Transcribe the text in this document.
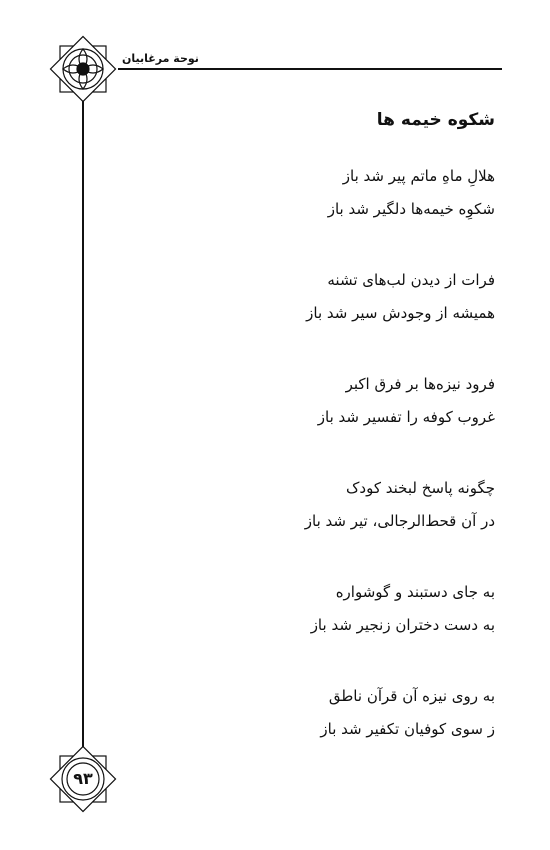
نوحة مرغابيان
شکوه خیمه ها
هلالِ ماهِ ماتم پیر شد باز
شکوِه خیمه‌ها دلگیر شد باز
فرات از دیدن لب‌های تشنه
همیشه از وجودش سیر شد باز
فرود نیزه‌ها بر فرق اکبر
غروب کوفه را تفسیر شد باز
چگونه پاسخ لبخند کودک
در آن قحط‌الرجالی، تیر شد باز
به جای دستبند و گوشواره
به دست دختران زنجیر شد باز
به روی نیزه آن قرآن ناطق
ز سوی کوفیان تکفیر شد باز
۹۳
